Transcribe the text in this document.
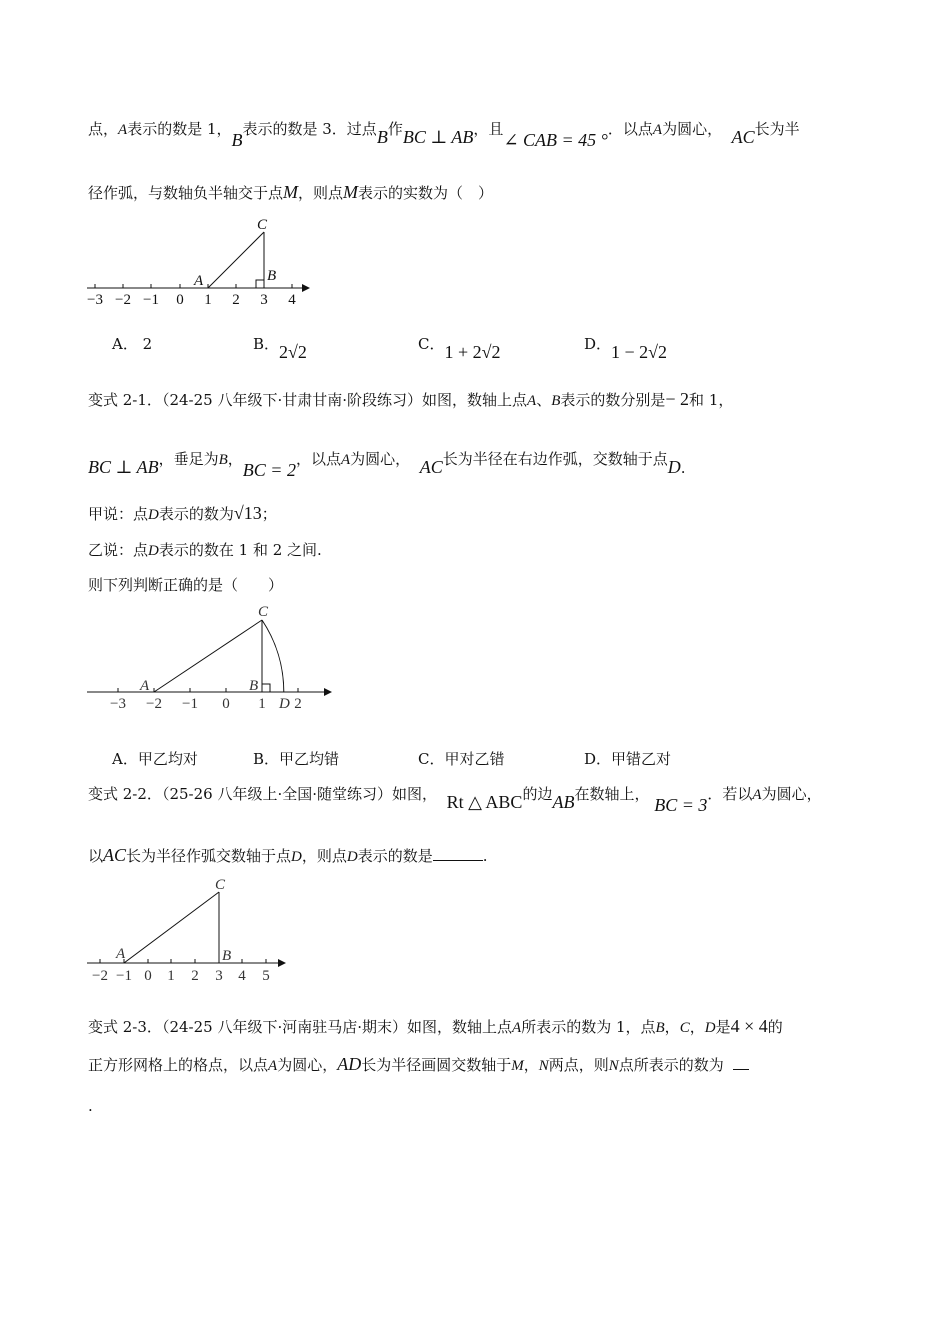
点，A表示的数是 1，B表示的数是 3．过点B作BC ⊥ AB，且∠ CAB = 45 °．以点A为圆心， AC长为半
径作弧，与数轴负半轴交于点M，则点M表示的实数为（　）
−3 −2 −1 0 1 2 3 4
A	B
C
A． 2	B．2√2	C．1 + 2√2	D．1 − 2√2
变式 2-1．（24-25 八年级下·甘肃甘南·阶段练习）如图，数轴上点A、B表示的数分别是− 2和 1，
BC ⊥ AB，垂足为B，BC = 2，以点A为圆心， AC长为半径在右边作弧，交数轴于点D.
甲说：点D表示的数为√13；
乙说：点D表示的数在 1 和 2 之间.
则下列判断正确的是（　　）
−3 −2 −1 0 1 2
A	B
C
D
A．甲乙均对	B．甲乙均错	C．甲对乙错	D．甲错乙对
变式 2-2．（25-26 八年级上·全国·随堂练习）如图， Rt △ ABC的边AB在数轴上， BC = 3．若以A为圆心，
以AC长为半径作弧交数轴于点D，则点D表示的数是	.
−2 −1 0 1 2 3 4 5
A	B
C
变式 2-3．（24-25 八年级下·河南驻马店·期末）如图，数轴上点A所表示的数为 1，点B，C，D是4 × 4的
正方形网格上的格点，以点A为圆心，AD长为半径画圆交数轴于M，N两点，则N点所表示的数为
.
